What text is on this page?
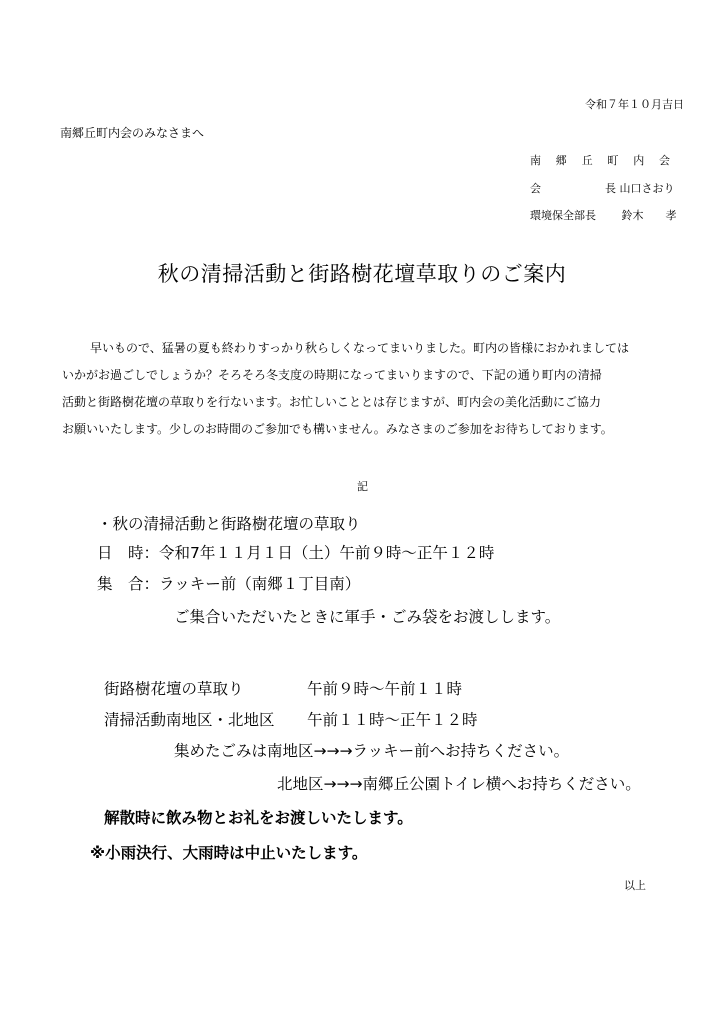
令和７年１０月吉日
南郷丘町内会のみなさまへ
南　郷　丘　町　内　会
会　　　長 山口さおり
環境保全部長 鈴木　　孝
秋の清掃活動と街路樹花壇草取りのご案内
早いもので、猛暑の夏も終わりすっかり秋らしくなってまいりました。町内の皆様におかれましては
いかがお過ごしでしょうか？そろそろ冬支度の時期になってまいりますので、下記の通り町内の清掃
活動と街路樹花壇の草取りを行ないます。お忙しいこととは存じますが、町内会の美化活動にご協力
お願いいたします。少しのお時間のご参加でも構いません。みなさまのご参加をお待ちしております。
記
・秋の清掃活動と街路樹花壇の草取り
日　時：令和7年１１月１日（土）午前９時～正午１２時
集　合：ラッキー前（南郷１丁目南）
ご集合いただいたときに軍手・ごみ袋をお渡しします。
街路樹花壇の草取り	午前９時～午前１１時
清掃活動南地区・北地区 午前１１時～正午１２時
集めたごみは南地区→→→ラッキー前へお持ちください。
北地区→→→南郷丘公園トイレ横へお持ちください。
解散時に飲み物とお礼をお渡しいたします。
※小雨決行、大雨時は中止いたします。
以上
